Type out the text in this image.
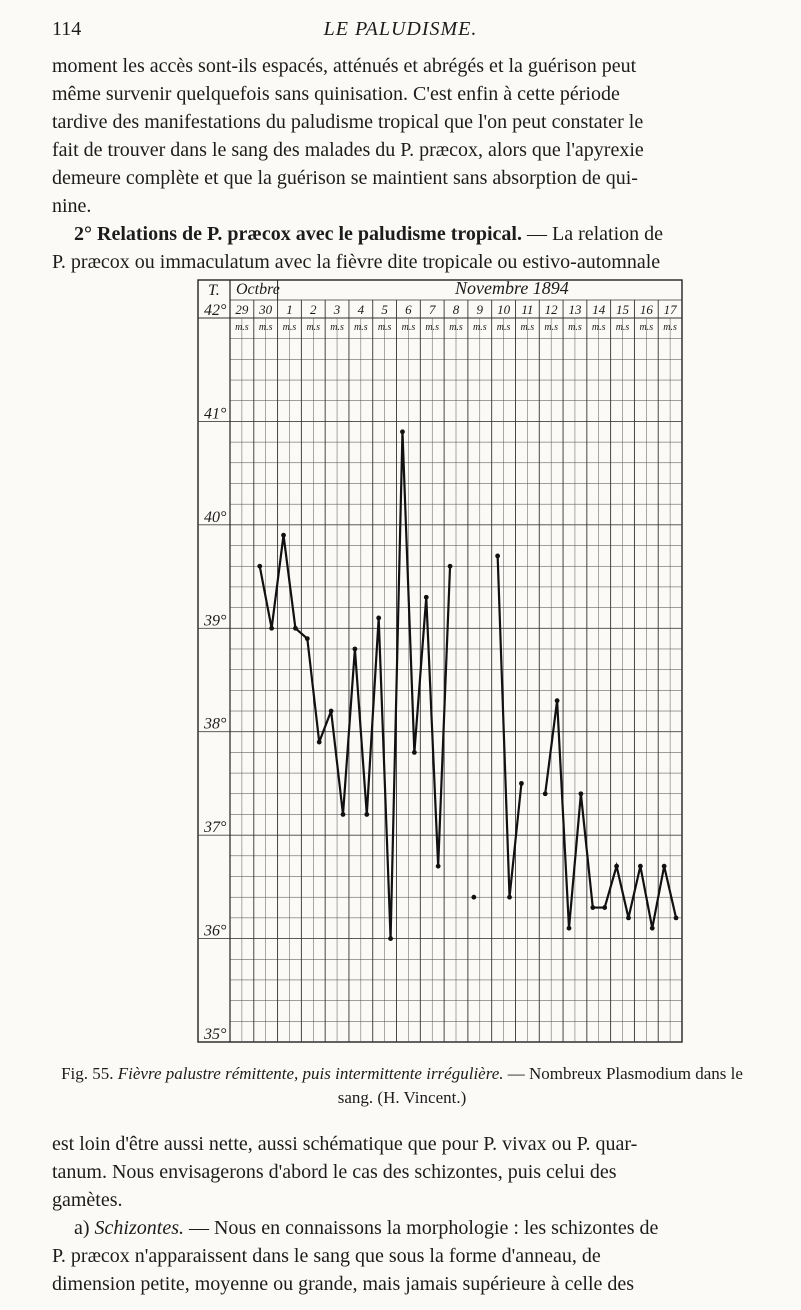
114	LE PALUDISME.
moment les accès sont-ils espacés, atténués et abrégés et la guérison peut
même survenir quelquefois sans quinisation. C'est enfin à cette période
tardive des manifestations du paludisme tropical que l'on peut constater le
fait de trouver dans le sang des malades du P. præcox, alors que l'apyrexie
demeure complète et que la guérison se maintient sans absorption de qui-
nine.
2° Relations de P. præcox avec le paludisme tropical. — La relation de
P. præcox ou immaculatum avec la fièvre dite tropicale ou estivo-automnale
29
m.s
30
m.s
1
m.s
2
m.s
3
m.s
4
m.s
5
m.s
6
m.s
7
m.s
8
m.s
9
m.s
10
m.s
11
m.s
12
m.s
13
m.s
14
m.s
15
m.s
16
m.s
17
m.s
42°
41°
40°
39°
38°
37°
36°
35°
T. Octbre	Novembre 1894
Fig. 55. Fièvre palustre rémittente, puis intermittente irrégulière. — Nombreux Plasmodium dans le sang. (H. Vincent.)
est loin d'être aussi nette, aussi schématique que pour P. vivax ou P. quar-
tanum. Nous envisagerons d'abord le cas des schizontes, puis celui des
gamètes.
a) Schizontes. — Nous en connaissons la morphologie : les schizontes de
P. præcox n'apparaissent dans le sang que sous la forme d'anneau, de
dimension petite, moyenne ou grande, mais jamais supérieure à celle des
